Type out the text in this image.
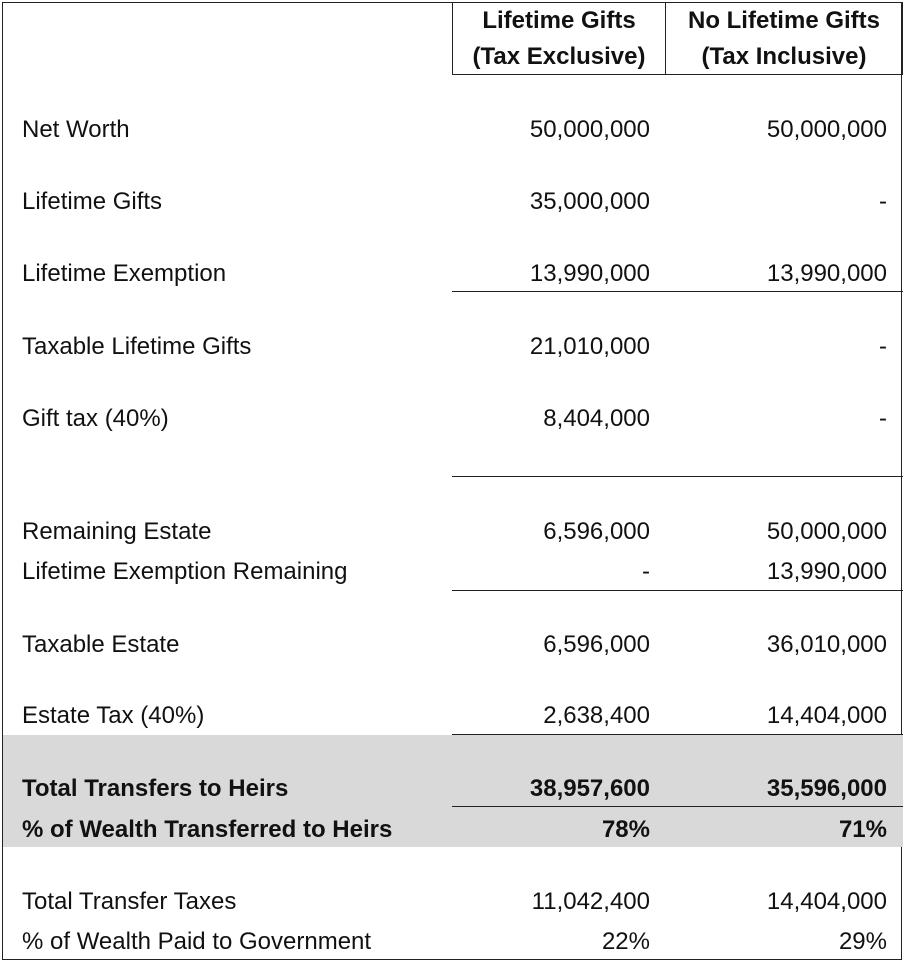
Lifetime Gifts
(Tax Exclusive)
No Lifetime Gifts
(Tax Inclusive)
Net Worth	50,000,000	50,000,000
Lifetime Gifts	35,000,000	-
Lifetime Exemption	13,990,000	13,990,000
Taxable Lifetime Gifts	21,010,000	-
Gift tax (40%)	8,404,000	-
Remaining Estate	6,596,000	50,000,000
Lifetime Exemption Remaining	-	13,990,000
Taxable Estate	6,596,000	36,010,000
Estate Tax (40%)	2,638,400	14,404,000
Total Transfers to Heirs	38,957,600	35,596,000
% of Wealth Transferred to Heirs	78%	71%
Total Transfer Taxes	11,042,400	14,404,000
% of Wealth Paid to Government	22%	29%
